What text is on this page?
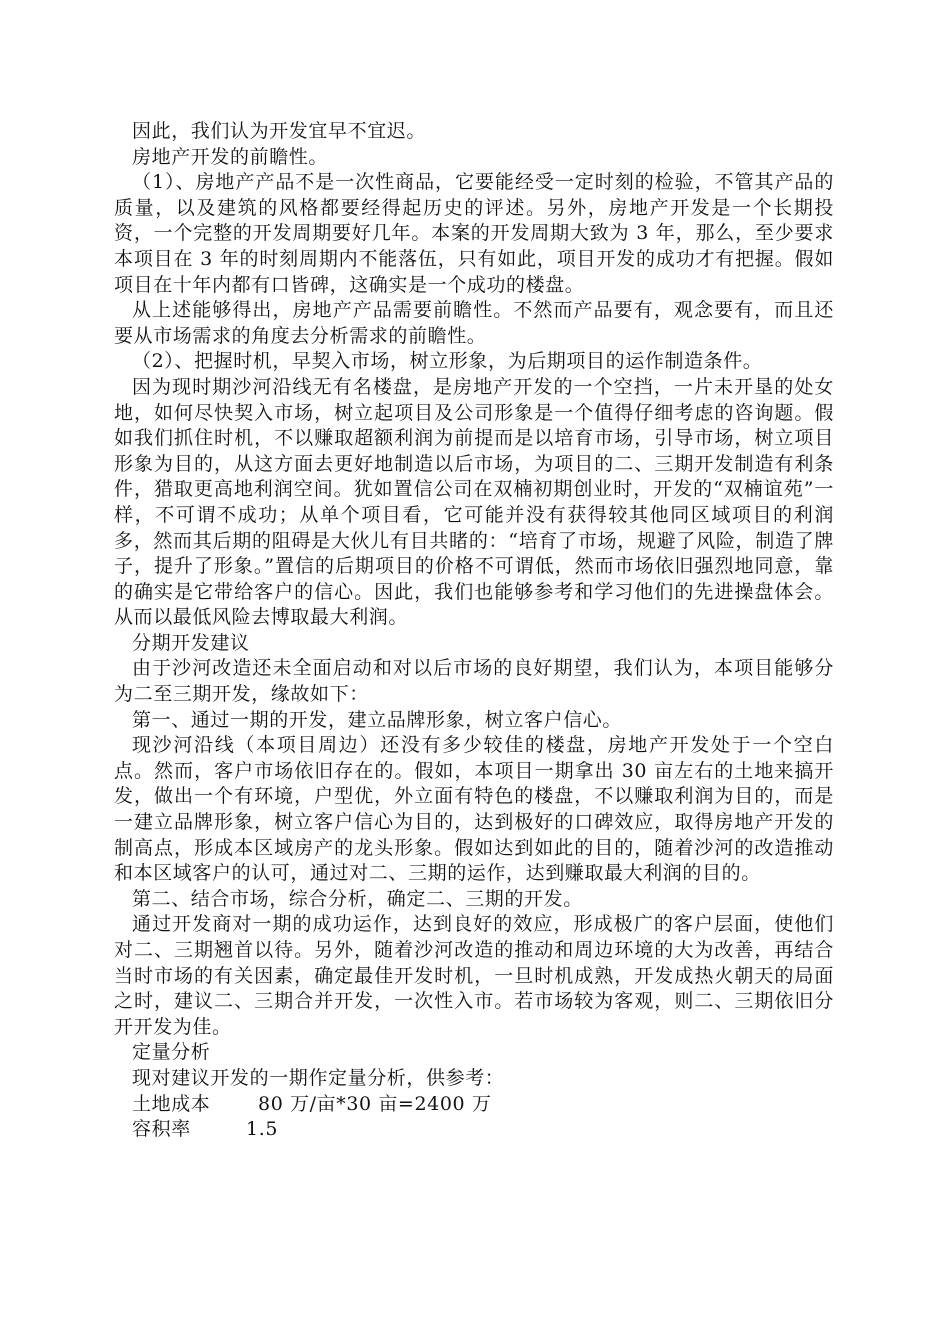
因此，我们认为开发宜早不宜迟。

房地产开发的前瞻性。

（1）、房地产产品不是一次性商品，它要能经受一定时刻的检验，不管其产品的质量，以及建筑的风格都要经得起历史的评述。另外，房地产开发是一个长期投资，一个完整的开发周期要好几年。本案的开发周期大致为 3 年，那么，至少要求本项目在 3 年的时刻周期内不能落伍，只有如此，项目开发的成功才有把握。假如项目在十年内都有口皆碑，这确实是一个成功的楼盘。

从上述能够得出，房地产产品需要前瞻性。不然而产品要有，观念要有，而且还要从市场需求的角度去分析需求的前瞻性。

（2）、把握时机，早契入市场，树立形象，为后期项目的运作制造条件。

因为现时期沙河沿线无有名楼盘，是房地产开发的一个空挡，一片未开垦的处女地，如何尽快契入市场，树立起项目及公司形象是一个值得仔细考虑的咨询题。假如我们抓住时机，不以赚取超额利润为前提而是以培育市场，引导市场，树立项目形象为目的，从这方面去更好地制造以后市场，为项目的二、三期开发制造有利条件，猎取更高地利润空间。犹如置信公司在双楠初期创业时，开发的“双楠谊苑”一样，不可谓不成功；从单个项目看，它可能并没有获得较其他同区域项目的利润多，然而其后期的阻碍是大伙儿有目共睹的：“培育了市场，规避了风险，制造了牌子，提升了形象。”置信的后期项目的价格不可谓低，然而市场依旧强烈地同意，靠的确实是它带给客户的信心。因此，我们也能够参考和学习他们的先进操盘体会。从而以最低风险去博取最大利润。

分期开发建议

由于沙河改造还未全面启动和对以后市场的良好期望，我们认为，本项目能够分为二至三期开发，缘故如下：

第一、通过一期的开发，建立品牌形象，树立客户信心。

现沙河沿线（本项目周边）还没有多少较佳的楼盘，房地产开发处于一个空白点。然而，客户市场依旧存在的。假如，本项目一期拿出 30 亩左右的土地来搞开发，做出一个有环境，户型优，外立面有特色的楼盘，不以赚取利润为目的，而是一建立品牌形象，树立客户信心为目的，达到极好的口碑效应，取得房地产开发的制高点，形成本区域房产的龙头形象。假如达到如此的目的，随着沙河的改造推动和本区域客户的认可，通过对二、三期的运作，达到赚取最大利润的目的。

第二、结合市场，综合分析，确定二、三期的开发。

通过开发商对一期的成功运作，达到良好的效应，形成极广的客户层面，使他们对二、三期翘首以待。另外，随着沙河改造的推动和周边环境的大为改善，再结合当时市场的有关因素，确定最佳开发时机，一旦时机成熟，开发成热火朝天的局面之时，建议二、三期合并开发，一次性入市。若市场较为客观，则二、三期依旧分开开发为佳。

定量分析

现对建议开发的一期作定量分析，供参考：

土地成本	80 万/亩*30 亩=2400 万
容积率	1.5
